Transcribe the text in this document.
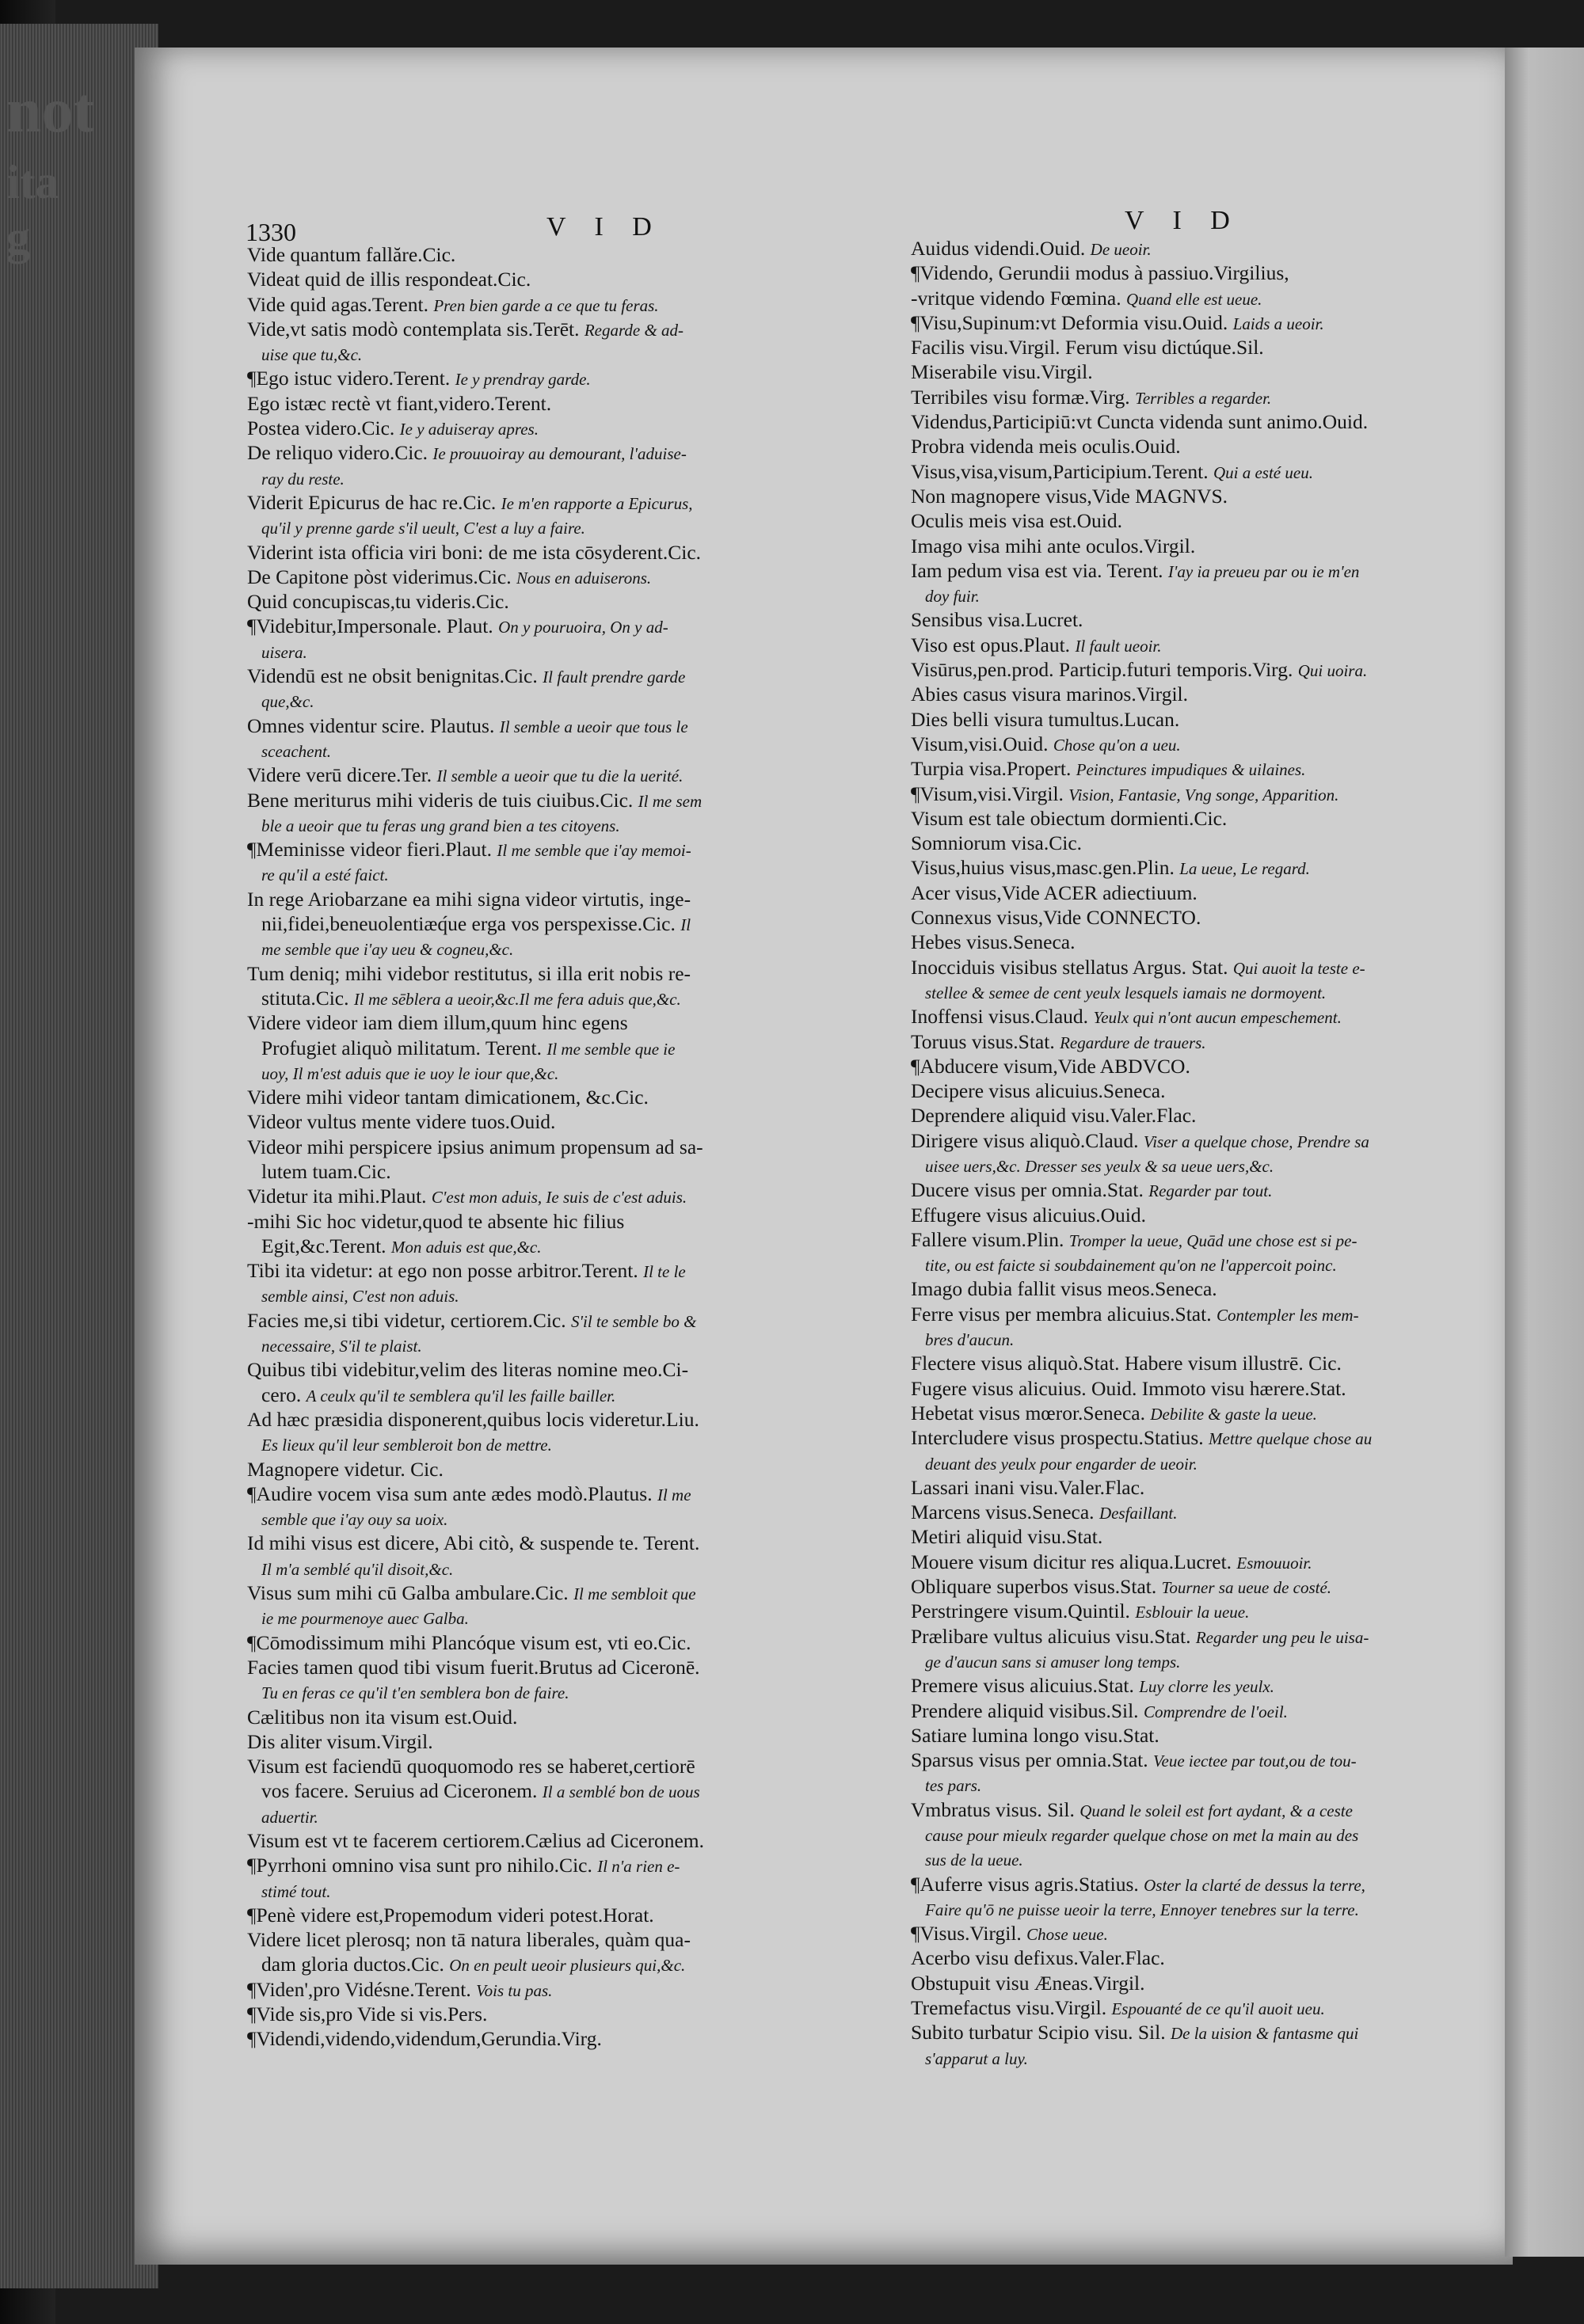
not
ita
g	1330	V I D	V I D
Vide quantum fallăre.Cic.
Videat quid de illis respondeat.Cic.
Vide quid agas.Terent. Pren bien garde a ce que tu feras.
Vide,vt satis modò contemplata sis.Terēt. Regarde & ad-
uise que tu,&c.
¶Ego istuc videro.Terent. Ie y prendray garde.
Ego istæc rectè vt fiant,videro.Terent.
Postea videro.Cic. Ie y aduiseray apres.
De reliquo videro.Cic. Ie prouuoiray au demourant, l'aduise-
ray du reste.
Viderit Epicurus de hac re.Cic. Ie m'en rapporte a Epicurus,
qu'il y prenne garde s'il ueult, C'est a luy a faire.
Viderint ista officia viri boni: de me ista cōsyderent.Cic.
De Capitone pòst viderimus.Cic. Nous en aduiserons.
Quid concupiscas,tu videris.Cic.
¶Videbitur,Impersonale. Plaut. On y pouruoira, On y ad-
uisera.
Videndū est ne obsit benignitas.Cic. Il fault prendre garde
que,&c.
Omnes videntur scire. Plautus. Il semble a ueoir que tous le
sceachent.
Videre verū dicere.Ter. Il semble a ueoir que tu die la uerité.
Bene meriturus mihi videris de tuis ciuibus.Cic. Il me sem
ble a ueoir que tu feras ung grand bien a tes citoyens.
¶Meminisse videor fieri.Plaut. Il me semble que i'ay memoi-
re qu'il a esté faict.
In rege Ariobarzane ea mihi signa videor virtutis, inge-
nii,fidei,beneuolentiæq́ue erga vos perspexisse.Cic. Il
me semble que i'ay ueu & cogneu,&c.
Tum deniq; mihi videbor restitutus, si illa erit nobis re-
stituta.Cic. Il me sēblera a ueoir,&c.Il me fera aduis que,&c.
Videre videor iam diem illum,quum hinc egens
Profugiet aliquò militatum. Terent. Il me semble que ie
uoy, Il m'est aduis que ie uoy le iour que,&c.
Videre mihi videor tantam dimicationem, &c.Cic.
Videor vultus mente videre tuos.Ouid.
Videor mihi perspicere ipsius animum propensum ad sa-
lutem tuam.Cic.
Videtur ita mihi.Plaut. C'est mon aduis, Ie suis de c'est aduis.
-mihi Sic hoc videtur,quod te absente hic filius
Egit,&c.Terent. Mon aduis est que,&c.
Tibi ita videtur: at ego non posse arbitror.Terent. Il te le
semble ainsi, C'est non aduis.
Facies me,si tibi videtur, certiorem.Cic. S'il te semble bo &
necessaire, S'il te plaist.
Quibus tibi videbitur,velim des literas nomine meo.Ci-
cero. A ceulx qu'il te semblera qu'il les faille bailler.
Ad hæc præsidia disponerent,quibus locis videretur.Liu.
Es lieux qu'il leur sembleroit bon de mettre.
Magnopere videtur. Cic.
¶Audire vocem visa sum ante ædes modò.Plautus. Il me
semble que i'ay ouy sa uoix.
Id mihi visus est dicere, Abi citò, & suspende te. Terent.
Il m'a semblé qu'il disoit,&c.
Visus sum mihi cū Galba ambulare.Cic. Il me sembloit que
ie me pourmenoye auec Galba.
¶Cōmodissimum mihi Plancóque visum est, vti eo.Cic.
Facies tamen quod tibi visum fuerit.Brutus ad Ciceronē.
Tu en feras ce qu'il t'en semblera bon de faire.
Cælitibus non ita visum est.Ouid.
Dis aliter visum.Virgil.
Visum est faciendū quoquomodo res se haberet,certiorē
vos facere. Seruius ad Ciceronem. Il a semblé bon de uous
aduertir.
Visum est vt te facerem certiorem.Cælius ad Ciceronem.
¶Pyrrhoni omnino visa sunt pro nihilo.Cic. Il n'a rien e-
stimé tout.
¶Penè videre est,Propemodum videri potest.Horat.
Videre licet plerosq; non tā natura liberales, quàm qua-
dam gloria ductos.Cic. On en peult ueoir plusieurs qui,&c.
¶Viden',pro Vidésne.Terent. Vois tu pas.
¶Vide sis,pro Vide si vis.Pers.
¶Videndi,videndo,videndum,Gerundia.Virg.
Auidus videndi.Ouid. De ueoir.
¶Videndo, Gerundii modus à passiuo.Virgilius,
-vritque videndo Fœmina. Quand elle est ueue.
¶Visu,Supinum:vt Deformia visu.Ouid. Laids a ueoir.
Facilis visu.Virgil. Ferum visu dictúque.Sil.
Miserabile visu.Virgil.
Terribiles visu formæ.Virg. Terribles a regarder.
Videndus,Participiū:vt Cuncta videnda sunt animo.Ouid.
Probra videnda meis oculis.Ouid.
Visus,visa,visum,Participium.Terent. Qui a esté ueu.
Non magnopere visus,Vide MAGNVS.
Oculis meis visa est.Ouid.
Imago visa mihi ante oculos.Virgil.
Iam pedum visa est via. Terent. I'ay ia preueu par ou ie m'en
doy fuir.
Sensibus visa.Lucret.
Viso est opus.Plaut. Il fault ueoir.
Visūrus,pen.prod. Particip.futuri temporis.Virg. Qui uoira.
Abies casus visura marinos.Virgil.
Dies belli visura tumultus.Lucan.
Visum,visi.Ouid. Chose qu'on a ueu.
Turpia visa.Propert. Peinctures impudiques & uilaines.
¶Visum,visi.Virgil. Vision, Fantasie, Vng songe, Apparition.
Visum est tale obiectum dormienti.Cic.
Somniorum visa.Cic.
Visus,huius visus,masc.gen.Plin. La ueue, Le regard.
Acer visus,Vide ACER adiectiuum.
Connexus visus,Vide CONNECTO.
Hebes visus.Seneca.
Inocciduis visibus stellatus Argus. Stat. Qui auoit la teste e-
stellee & semee de cent yeulx lesquels iamais ne dormoyent.
Inoffensi visus.Claud. Yeulx qui n'ont aucun empeschement.
Toruus visus.Stat. Regardure de trauers.
¶Abducere visum,Vide ABDVCO.
Decipere visus alicuius.Seneca.
Deprendere aliquid visu.Valer.Flac.
Dirigere visus aliquò.Claud. Viser a quelque chose, Prendre sa
uisee uers,&c. Dresser ses yeulx & sa ueue uers,&c.
Ducere visus per omnia.Stat. Regarder par tout.
Effugere visus alicuius.Ouid.
Fallere visum.Plin. Tromper la ueue, Quād une chose est si pe-
tite, ou est faicte si soubdainement qu'on ne l'appercoit poinc.
Imago dubia fallit visus meos.Seneca.
Ferre visus per membra alicuius.Stat. Contempler les mem-
bres d'aucun.
Flectere visus aliquò.Stat. Habere visum illustrē. Cic.
Fugere visus alicuius. Ouid. Immoto visu hærere.Stat.
Hebetat visus mœror.Seneca. Debilite & gaste la ueue.
Intercludere visus prospectu.Statius. Mettre quelque chose au
deuant des yeulx pour engarder de ueoir.
Lassari inani visu.Valer.Flac.
Marcens visus.Seneca. Desfaillant.
Metiri aliquid visu.Stat.
Mouere visum dicitur res aliqua.Lucret. Esmouuoir.
Obliquare superbos visus.Stat. Tourner sa ueue de costé.
Perstringere visum.Quintil. Esblouir la ueue.
Prælibare vultus alicuius visu.Stat. Regarder ung peu le uisa-
ge d'aucun sans si amuser long temps.
Premere visus alicuius.Stat. Luy clorre les yeulx.
Prendere aliquid visibus.Sil. Comprendre de l'oeil.
Satiare lumina longo visu.Stat.
Sparsus visus per omnia.Stat. Veue iectee par tout,ou de tou-
tes pars.
Vmbratus visus. Sil. Quand le soleil est fort aydant, & a ceste
cause pour mieulx regarder quelque chose on met la main au des
sus de la ueue.
¶Auferre visus agris.Statius. Oster la clarté de dessus la terre,
Faire qu'ō ne puisse ueoir la terre, Ennoyer tenebres sur la terre.
¶Visus.Virgil. Chose ueue.
Acerbo visu defixus.Valer.Flac.
Obstupuit visu Æneas.Virgil.
Tremefactus visu.Virgil. Espouanté de ce qu'il auoit ueu.
Subito turbatur Scipio visu. Sil. De la uision & fantasme qui
s'apparut a luy.
